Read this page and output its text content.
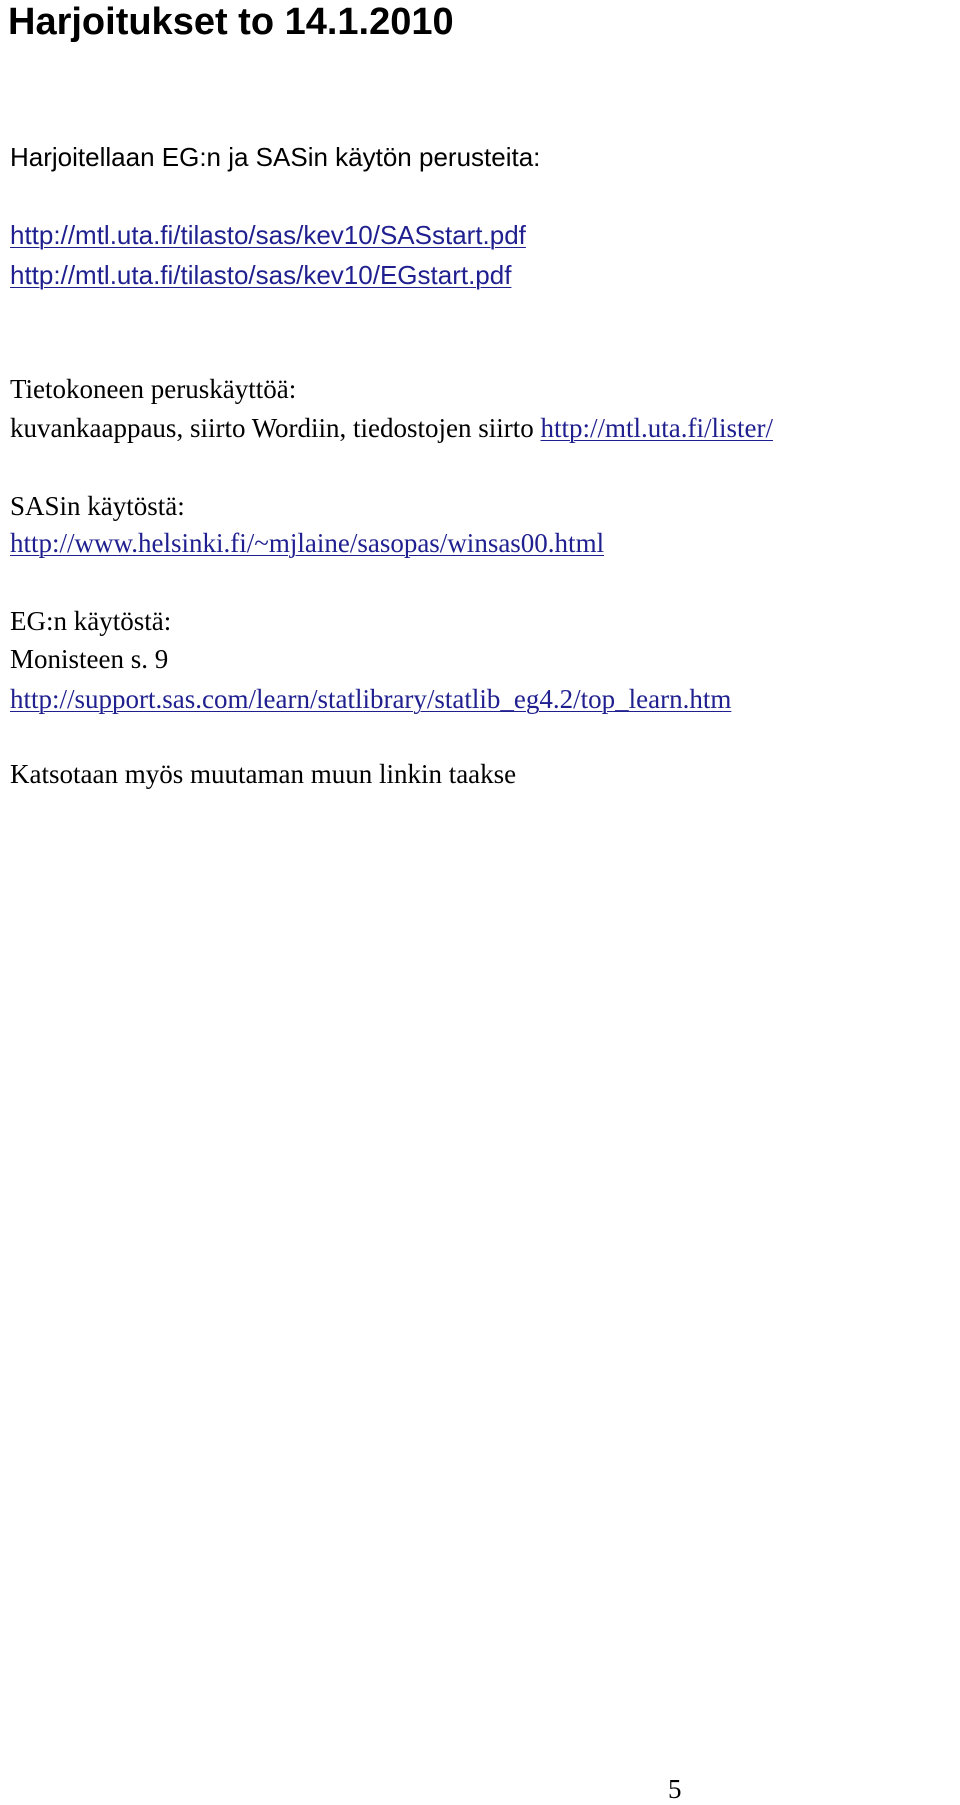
Harjoitukset to 14.1.2010

Harjoitellaan EG:n ja SASin käytön perusteita:

http://mtl.uta.fi/tilasto/sas/kev10/SASstart.pdf

http://mtl.uta.fi/tilasto/sas/kev10/EGstart.pdf

Tietokoneen peruskäyttöä:

kuvankaappaus, siirto Wordiin, tiedostojen siirto http://mtl.uta.fi/lister/

SASin käytöstä:

http://www.helsinki.fi/~mjlaine/sasopas/winsas00.html

EG:n käytöstä:

Monisteen s. 9

http://support.sas.com/learn/statlibrary/statlib_eg4.2/top_learn.htm

Katsotaan myös muutaman muun linkin taakse

5
